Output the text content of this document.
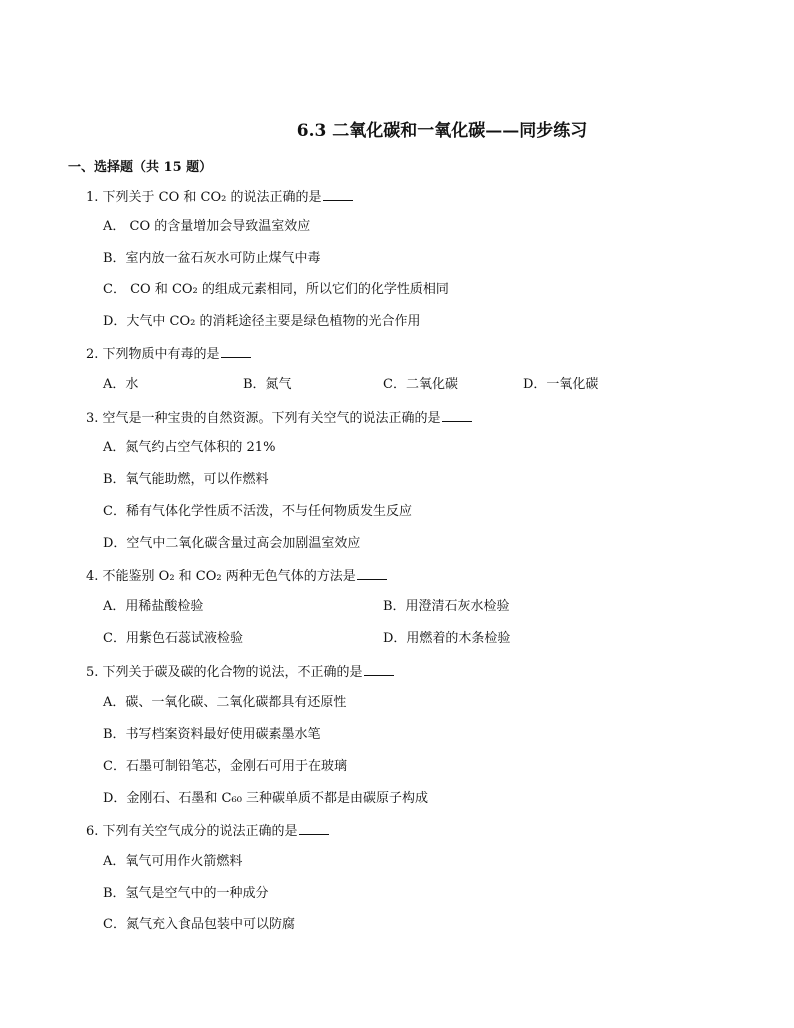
6.3 二氧化碳和一氧化碳——同步练习
一、选择题（共 15 题）
1. 下列关于 CO 和 CO₂ 的说法正确的是
A． CO 的含量增加会导致温室效应
B．室内放一盆石灰水可防止煤气中毒
C． CO 和 CO₂ 的组成元素相同，所以它们的化学性质相同
D．大气中 CO₂ 的消耗途径主要是绿色植物的光合作用
2. 下列物质中有毒的是
A．水	B．氮气	C．二氧化碳	D．一氧化碳
3. 空气是一种宝贵的自然资源。下列有关空气的说法正确的是
A．氮气约占空气体积的 21%
B．氧气能助燃，可以作燃料
C．稀有气体化学性质不活泼，不与任何物质发生反应
D．空气中二氧化碳含量过高会加剧温室效应
4. 不能鉴别 O₂ 和 CO₂ 两种无色气体的方法是
A．用稀盐酸检验	B．用澄清石灰水检验
C．用紫色石蕊试液检验	D．用燃着的木条检验
5. 下列关于碳及碳的化合物的说法，不正确的是
A．碳、一氧化碳、二氧化碳都具有还原性
B．书写档案资料最好使用碳素墨水笔
C．石墨可制铅笔芯，金刚石可用于在玻璃
D．金刚石、石墨和 C₆₀ 三种碳单质不都是由碳原子构成
6. 下列有关空气成分的说法正确的是
A．氧气可用作火箭燃料
B．氢气是空气中的一种成分
C．氮气充入食品包装中可以防腐
